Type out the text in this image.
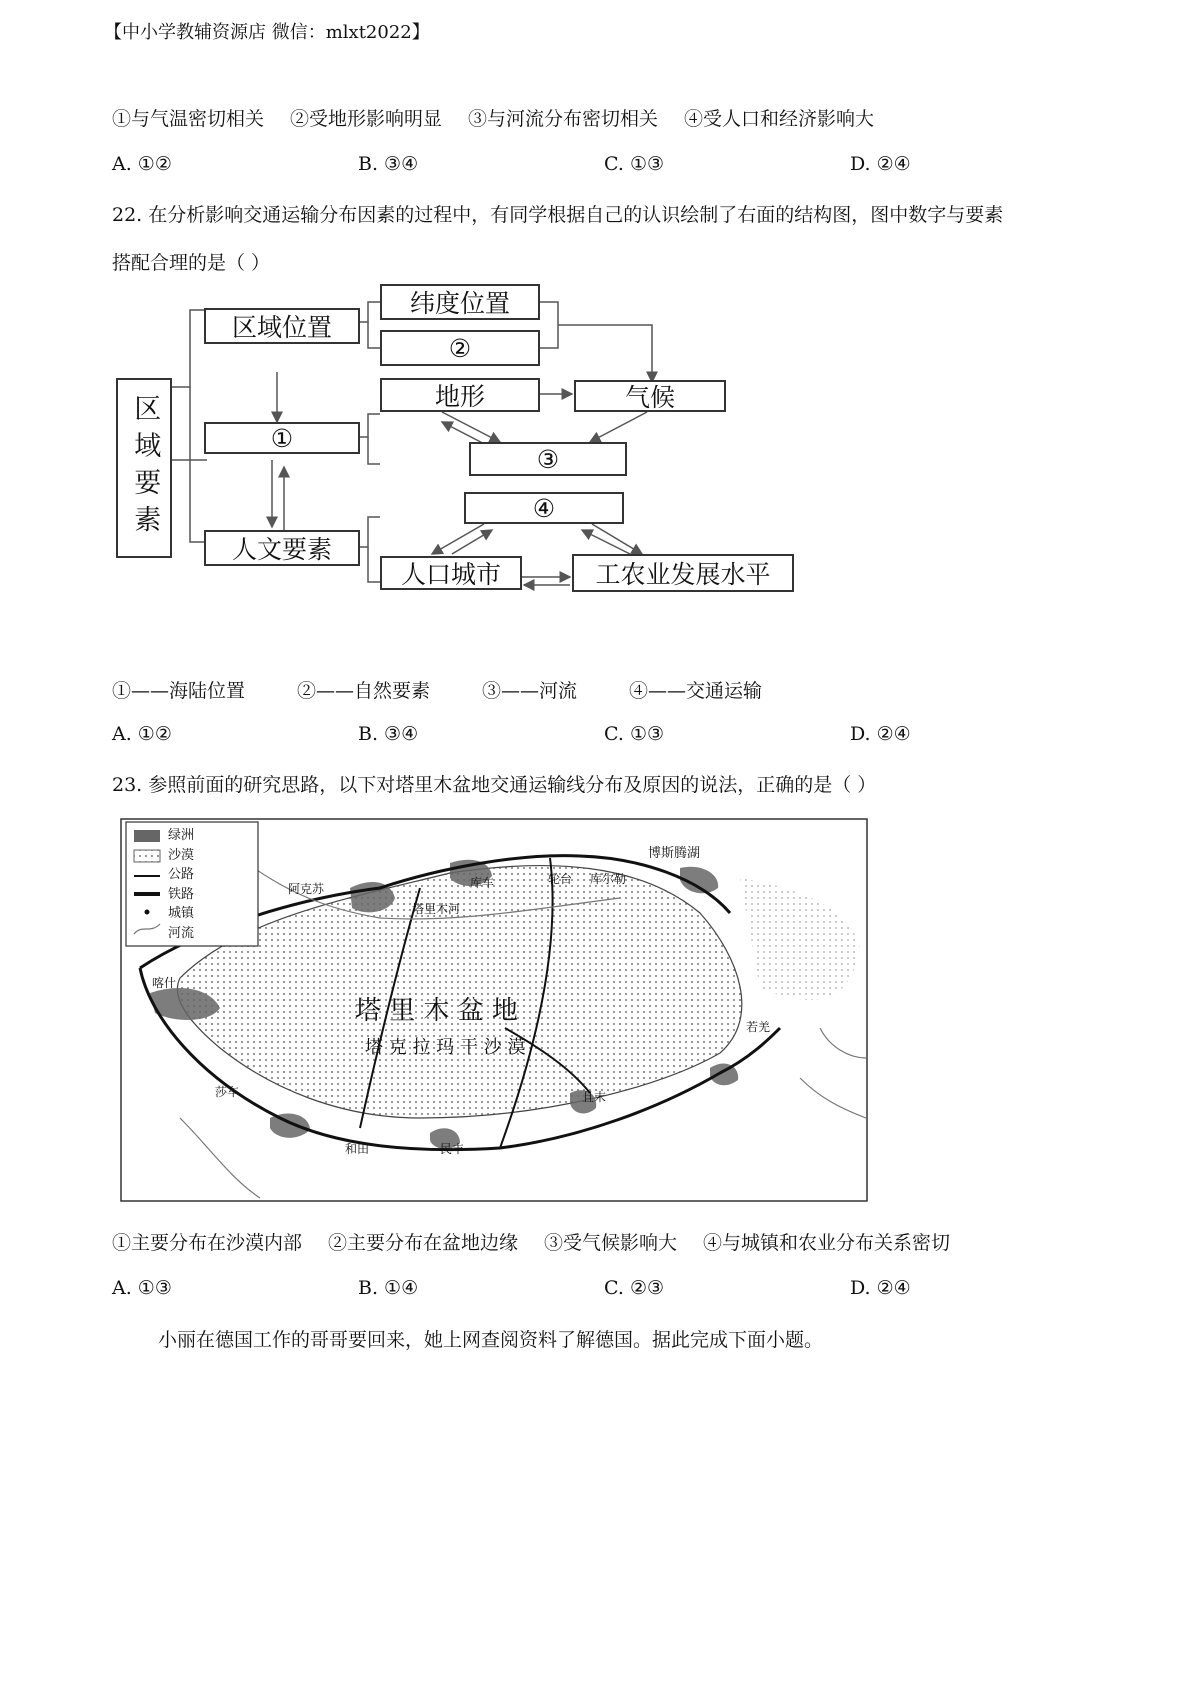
【中小学教辅资源店 微信：mlxt2022】
①与气温密切相关 ②受地形影响明显 ③与河流分布密切相关 ④受人口和经济影响大
A. ①②	B. ③④	C. ①③	D. ②④
22. 在分析影响交通运输分布因素的过程中，有同学根据自己的认识绘制了右面的结构图，图中数字与要素
搭配合理的是（ ）
区域要素
区域位置
纬度位置
②
①
地形	气候
③
人文要素
④
人口城市	工农业发展水平
①——海陆位置	②——自然要素	③——河流	④——交通运输
A. ①②	B. ③④	C. ①③	D. ②④
23. 参照前面的研究思路，以下对塔里木盆地交通运输线分布及原因的说法，正确的是（ ）
绿洲
沙漠
公路
铁路
城镇
河流
塔 里 木 盆 地
塔 克 拉 玛 干 沙 漠
博斯腾湖
库车	轮台 库尔勒
阿克苏
喀什
莎车
和田	民丰
且末
若羌
塔里木河
①主要分布在沙漠内部 ②主要分布在盆地边缘 ③受气候影响大 ④与城镇和农业分布关系密切
A. ①③	B. ①④	C. ②③	D. ②④
小丽在德国工作的哥哥要回来，她上网查阅资料了解德国。据此完成下面小题。
